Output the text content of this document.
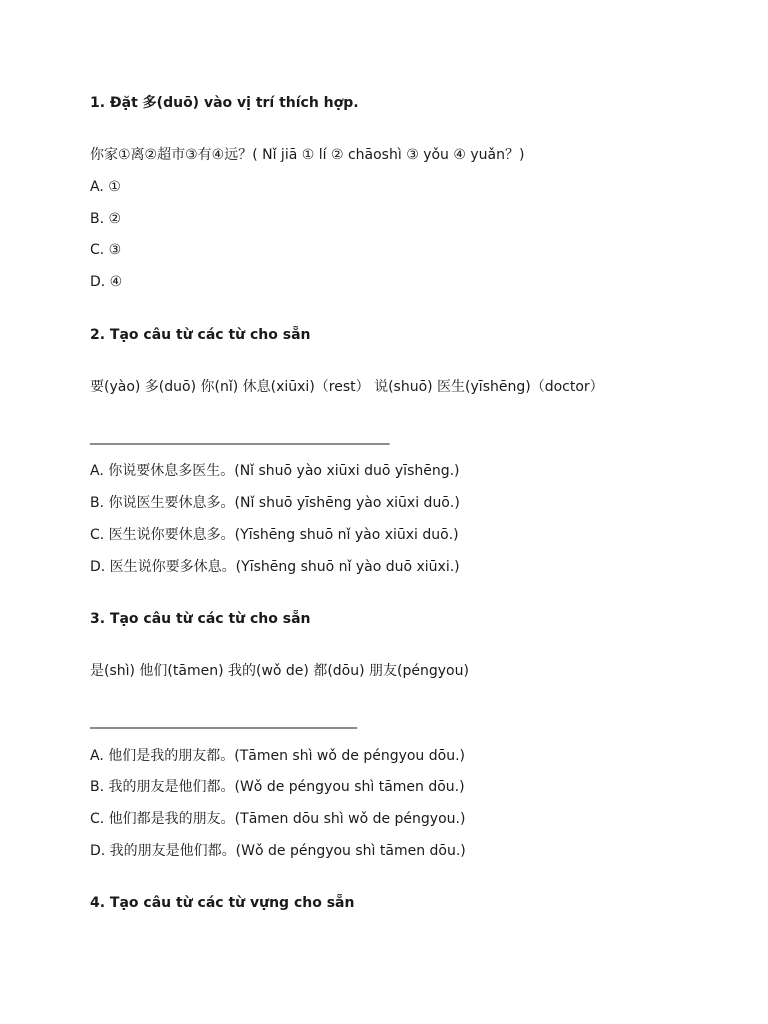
1. Đặt 多(duō) vào vị trí thích hợp.
你家①离②超市③有④远？( Nǐ jiā ① lí ② chāoshì ③ yǒu ④ yuǎn？)
A. ①
B. ②
C. ③
D. ④
2. Tạo câu từ các từ cho sẵn
要(yào) 多(duō) 你(nǐ) 休息(xiūxi)（rest） 说(shuō) 医生(yīshēng)（doctor）
______________________________________________
A. 你说要休息多医生。(Nǐ shuō yào xiūxi duō yīshēng.)
B. 你说医生要休息多。(Nǐ shuō yīshēng yào xiūxi duō.)
C. 医生说你要休息多。(Yīshēng shuō nǐ yào xiūxi duō.)
D. 医生说你要多休息。(Yīshēng shuō nǐ yào duō xiūxi.)
3. Tạo câu từ các từ cho sẵn
是(shì) 他们(tāmen) 我的(wǒ de) 都(dōu) 朋友(péngyou)
_________________________________________
A. 他们是我的朋友都。(Tāmen shì wǒ de péngyou dōu.)
B. 我的朋友是他们都。(Wǒ de péngyou shì tāmen dōu.)
C. 他们都是我的朋友。(Tāmen dōu shì wǒ de péngyou.)
D. 我的朋友是他们都。(Wǒ de péngyou shì tāmen dōu.)
4. Tạo câu từ các từ vựng cho sẵn
